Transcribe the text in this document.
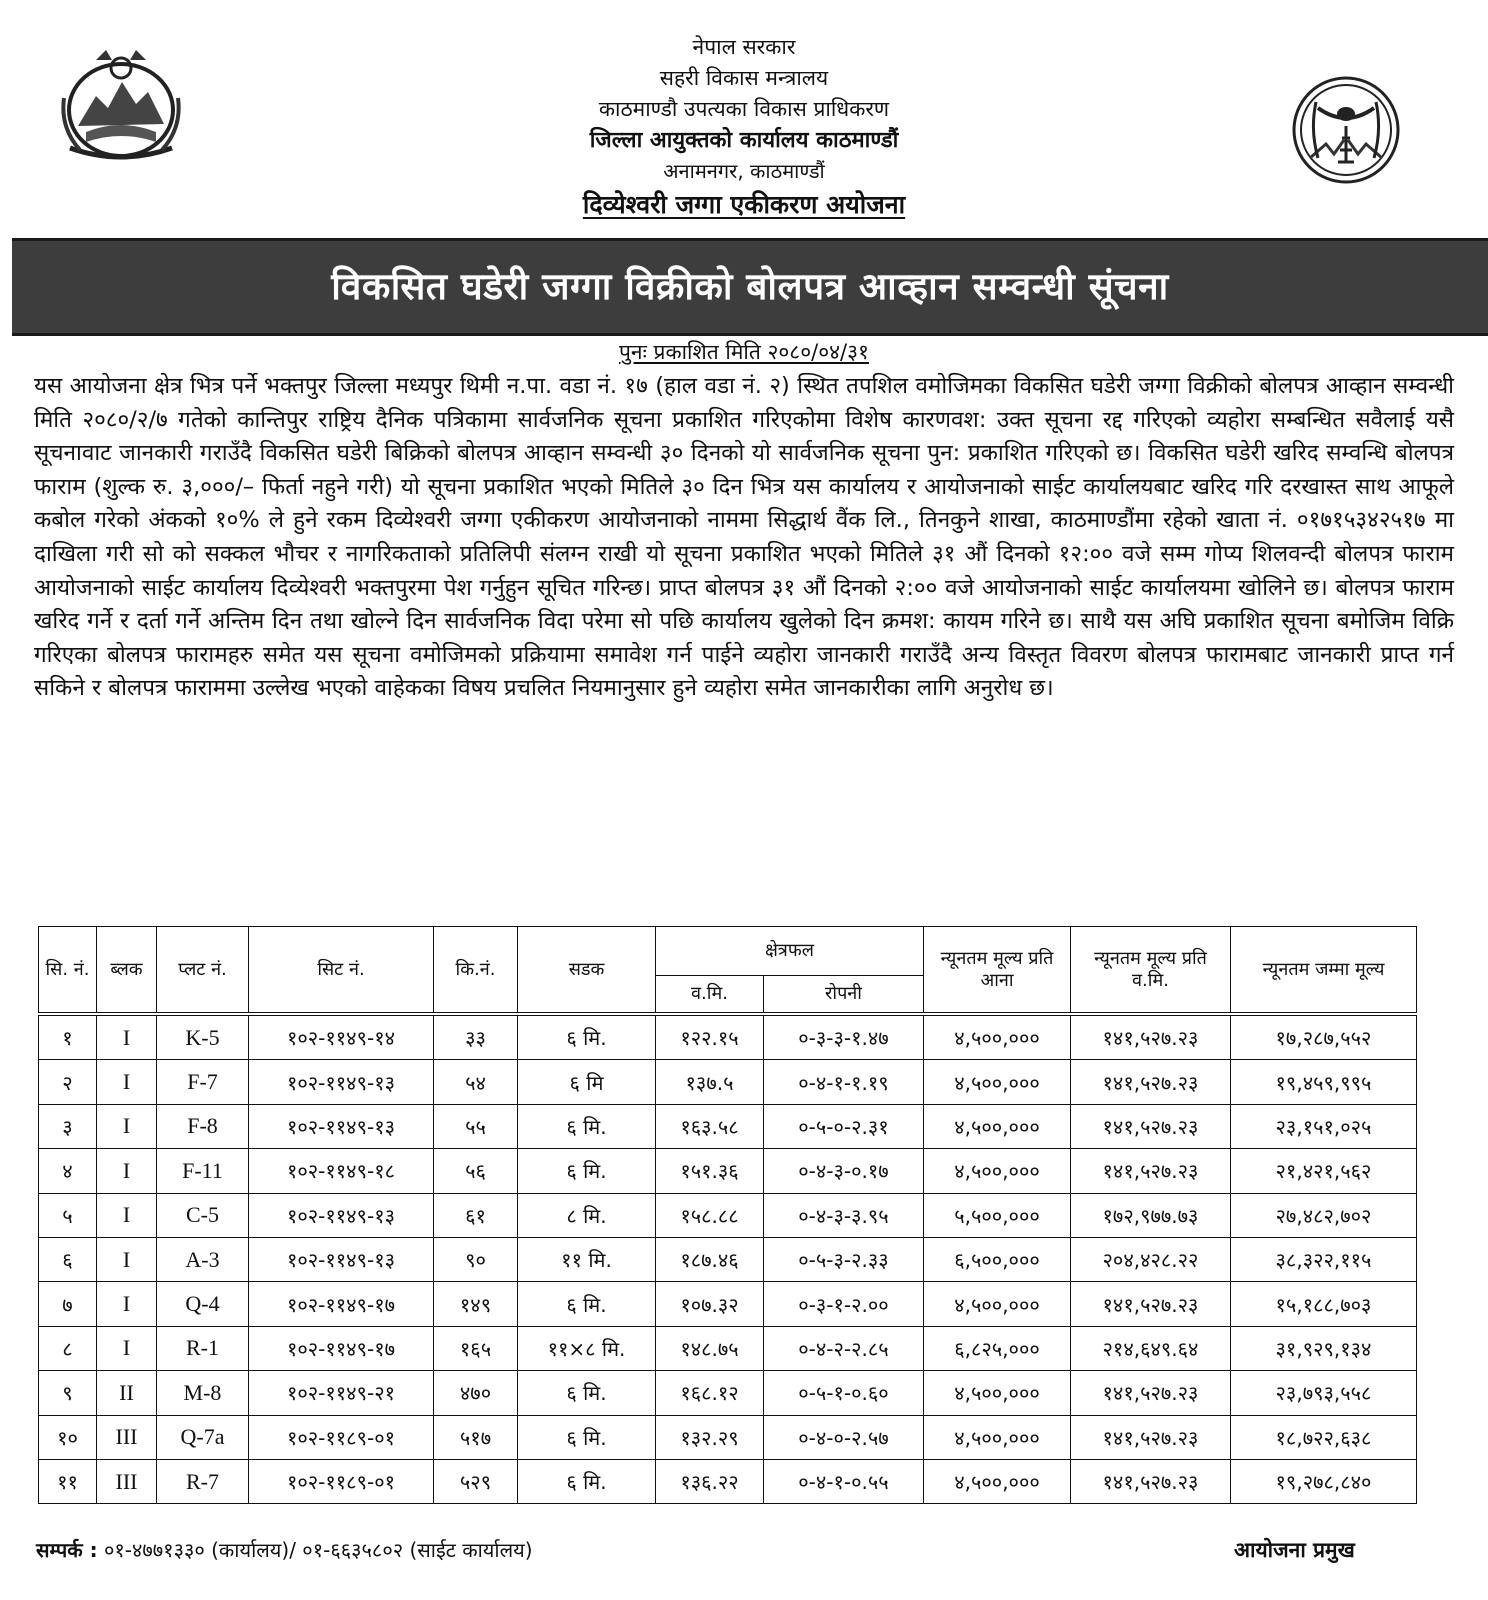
नेपाल सरकार
सहरी विकास मन्त्रालय
काठमाण्डौ उपत्यका विकास प्राधिकरण
जिल्ला आयुक्तको कार्यालय काठमाण्डौं
अनामनगर, काठमाण्डौं
दिव्येश्वरी जग्गा एकीकरण अयोजना
विकसित घडेरी जग्गा विक्रीको बोलपत्र आव्हान सम्वन्धी सूंचना
पुनः प्रकाशित मिति २०८०/०४/३१
यस आयोजना क्षेत्र भित्र पर्ने भक्तपुर जिल्ला मध्यपुर थिमी न.पा. वडा नं. १७ (हाल वडा नं. २) स्थित तपशिल वमोजिमका विकसित घडेरी जग्गा विक्रीको बोलपत्र आव्हान सम्वन्धी मिति २०८०/२/७ गतेको कान्तिपुर राष्ट्रिय दैनिक पत्रिकामा सार्वजनिक सूचना प्रकाशित गरिएकोमा विशेष कारणवश: उक्त सूचना रद्द गरिएको व्यहोरा सम्बन्धित सवैलाई यसै सूचनावाट जानकारी गराउँदै विकसित घडेरी बिक्रिको बोलपत्र आव्हान सम्वन्धी ३० दिनको यो सार्वजनिक सूचना पुन: प्रकाशित गरिएको छ। विकसित घडेरी खरिद सम्वन्धि बोलपत्र फाराम (शुल्क रु. ३,०००/– फिर्ता नहुने गरी) यो सूचना प्रकाशित भएको मितिले ३० दिन भित्र यस कार्यालय र आयोजनाको साईट कार्यालयबाट खरिद गरि दरखास्त साथ आफूले कबोल गरेको अंकको १०% ले हुने रकम दिव्येश्वरी जग्गा एकीकरण आयोजनाको नाममा सिद्धार्थ वैंक लि., तिनकुने शाखा, काठमाण्डौंमा रहेको खाता नं. ०१७१५३४२५१७ मा दाखिला गरी सो को सक्कल भौचर र नागरिकताको प्रतिलिपी संलग्न राखी यो सूचना प्रकाशित भएको मितिले ३१ औं दिनको १२:०० वजे सम्म गोप्य शिलवन्दी बोलपत्र फाराम आयोजनाको साईट कार्यालय दिव्येश्वरी भक्तपुरमा पेश गर्नुहुन सूचित गरिन्छ। प्राप्त बोलपत्र ३१ औं दिनको २:०० वजे आयोजनाको साईट कार्यालयमा खोलिने छ। बोलपत्र फाराम खरिद गर्ने र दर्ता गर्ने अन्तिम दिन तथा खोल्ने दिन सार्वजनिक विदा परेमा सो पछि कार्यालय खुलेको दिन क्रमश: कायम गरिने छ। साथै यस अघि प्रकाशित सूचना बमोजिम विक्रि गरिएका बोलपत्र फारामहरु समेत यस सूचना वमोजिमको प्रक्रियामा समावेश गर्न पाईने व्यहोरा जानकारी गराउँदै अन्य विस्तृत विवरण बोलपत्र फारामबाट जानकारी प्राप्त गर्न सकिने र बोलपत्र फाराममा उल्लेख भएको वाहेकका विषय प्रचलित नियमानुसार हुने व्यहोरा समेत जानकारीका लागि अनुरोध छ।
सि. नं.	ब्लक	प्लट नं.	सिट नं.	कि.नं.	सडक	क्षेत्रफल		न्यूनतम मूल्य प्रति आना	न्यूनतम मूल्य प्रति व.मि.	न्यूनतम जम्मा मूल्य
						व.मि.	रोपनी			
१	I	K-5	१०२-११४९-१४	३३	६ मि.	१२२.१५	०-३-३-१.४७	४,५००,०००	१४१,५२७.२३	१७,२८७,५५२
२	I	F-7	१०२-११४९-१३	५४	६ मि	१३७.५	०-४-१-१.१९	४,५००,०००	१४१,५२७.२३	१९,४५९,९९५
३	I	F-8	१०२-११४९-१३	५५	६ मि.	१६३.५८	०-५-०-२.३१	४,५००,०००	१४१,५२७.२३	२३,१५१,०२५
४	I	F-11	१०२-११४९-१८	५६	६ मि.	१५१.३६	०-४-३-०.१७	४,५००,०००	१४१,५२७.२३	२१,४२१,५६२
५	I	C-5	१०२-११४९-१३	६१	८ मि.	१५८.८८	०-४-३-३.९५	५,५००,०००	१७२,९७७.७३	२७,४८२,७०२
६	I	A-3	१०२-११४९-१३	९०	११ मि.	१८७.४६	०-५-३-२.३३	६,५००,०००	२०४,४२८.२२	३८,३२२,११५
७	I	Q-4	१०२-११४९-१७	१४९	६ मि.	१०७.३२	०-३-१-२.००	४,५००,०००	१४१,५२७.२३	१५,१८८,७०३
८	I	R-1	१०२-११४९-१७	१६५	११×८ मि.	१४८.७५	०-४-२-२.८५	६,८२५,०००	२१४,६४९.६४	३१,९२९,१३४
९	II	M-8	१०२-११४९-२१	४७०	६ मि.	१६८.१२	०-५-१-०.६०	४,५००,०००	१४१,५२७.२३	२३,७९३,५५८
१०	III	Q-7a	१०२-११८९-०१	५१७	६ मि.	१३२.२९	०-४-०-२.५७	४,५००,०००	१४१,५२७.२३	१८,७२२,६३८
११	III	R-7	१०२-११८९-०१	५२९	६ मि.	१३६.२२	०-४-१-०.५५	४,५००,०००	१४१,५२७.२३	१९,२७८,८४०
सम्पर्क : ०१-४७७१३३० (कार्यालय)/ ०१-६६३५८०२ (साईट कार्यालय)	आयोजना प्रमुख
